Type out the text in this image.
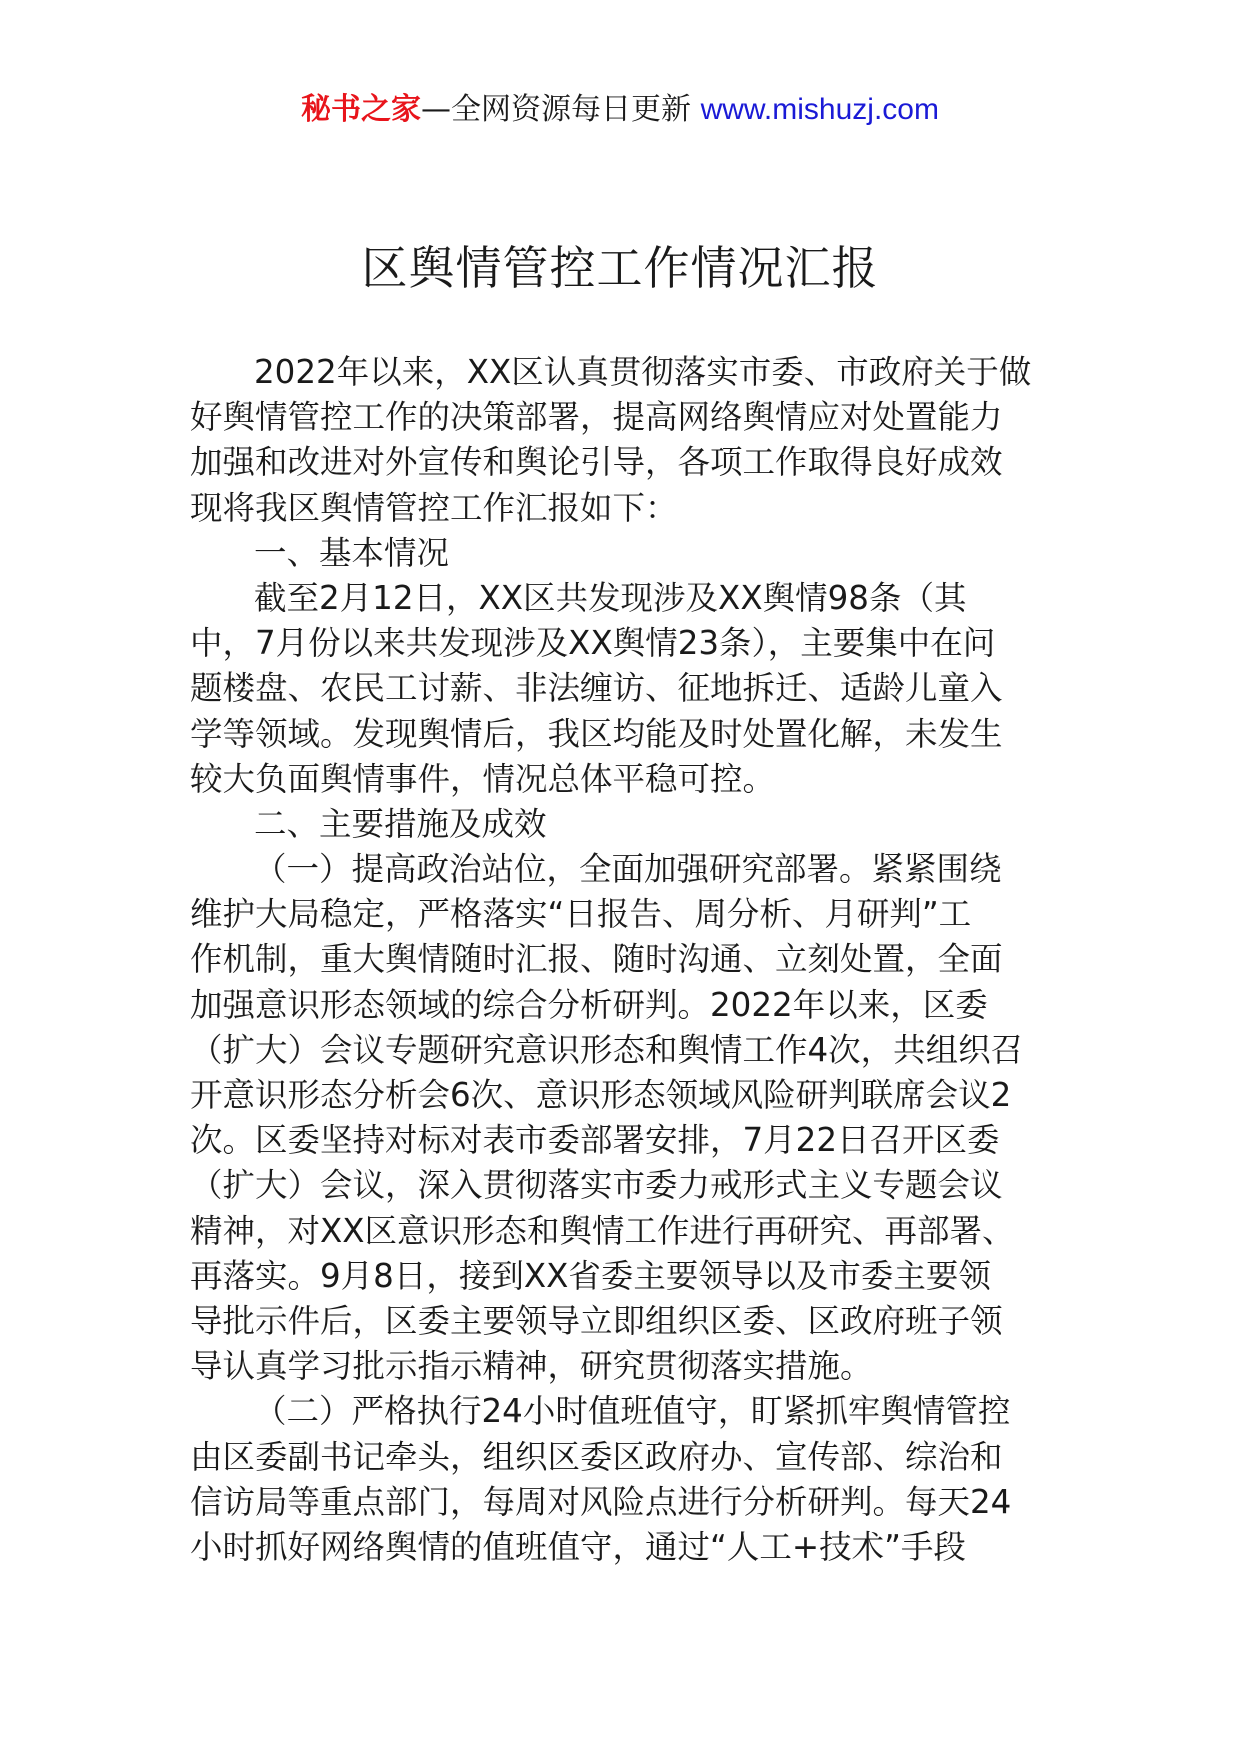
秘书之家—全网资源每日更新 www.mishuzj.com
区舆情管控工作情况汇报
2022年以来，XX区认真贯彻落实市委、市政府关于做
好舆情管控工作的决策部署，提高网络舆情应对处置能力
加强和改进对外宣传和舆论引导，各项工作取得良好成效
现将我区舆情管控工作汇报如下：
一、基本情况
截至2月12日，XX区共发现涉及XX舆情98条（其
中，7月份以来共发现涉及XX舆情23条），主要集中在问
题楼盘、农民工讨薪、非法缠访、征地拆迁、适龄儿童入
学等领域。发现舆情后，我区均能及时处置化解，未发生
较大负面舆情事件，情况总体平稳可控。
二、主要措施及成效
（一）提高政治站位，全面加强研究部署。紧紧围绕
维护大局稳定，严格落实“日报告、周分析、月研判”工
作机制，重大舆情随时汇报、随时沟通、立刻处置，全面
加强意识形态领域的综合分析研判。2022年以来，区委
（扩大）会议专题研究意识形态和舆情工作4次，共组织召
开意识形态分析会6次、意识形态领域风险研判联席会议2
次。区委坚持对标对表市委部署安排，7月22日召开区委
（扩大）会议，深入贯彻落实市委力戒形式主义专题会议
精神，对XX区意识形态和舆情工作进行再研究、再部署、
再落实。9月8日，接到XX省委主要领导以及市委主要领
导批示件后，区委主要领导立即组织区委、区政府班子领
导认真学习批示指示精神，研究贯彻落实措施。
（二）严格执行24小时值班值守，盯紧抓牢舆情管控
由区委副书记牵头，组织区委区政府办、宣传部、综治和
信访局等重点部门，每周对风险点进行分析研判。每天24
小时抓好网络舆情的值班值守，通过“人工+技术”手段
